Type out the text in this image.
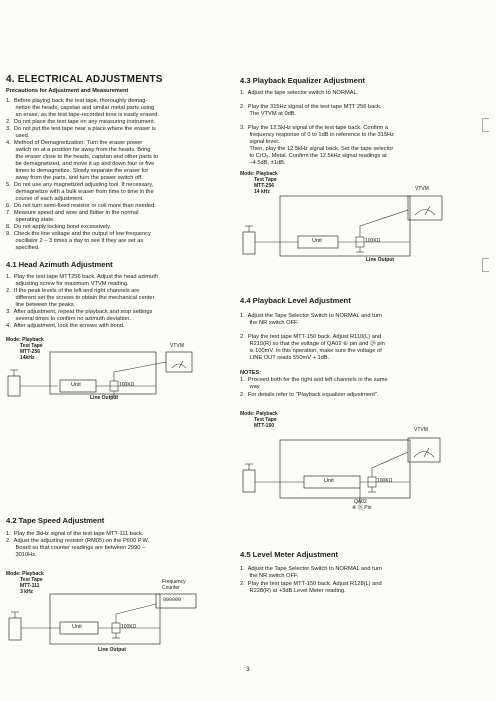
4. ELECTRICAL ADJUSTMENTS
Precautions for Adjustment and Measurement
1.  Before playing back the test tape, thoroughly demag-
netize the heads, capstan and similar metal parts using
an erase, as the test tape-recorded tone is easily erased.
2.  Do not place the test tape on any measuring instrument.
3.  Do not put the test tape near a place where the eraser is
used.
4.  Method of Demagnetization: Turn the eraser power
switch on at a position far away from the heads. Bring
the eraser close to the heads, capstan and other parts to
be demagnetized, and move it up and down four or five
times to demagnetize. Slowly separate the eraser for
away from the parts, and turn the power switch off.
5.  Do not use any magnetized adjusting tool. If necessary,
demagnetize with a bulk eraser from time to time in the
course of each adjustment.
6.  Do not turn semi-fixed resistor or coil more than needed.
7.  Measure speed and wow and flutter in the normal
operating state.
8.  Do not apply locking bond excessively.
9.  Check the line voltage and the output of low frequency
oscillator 2 – 3 times a day to see if they are set as
specified.
4.1 Head Azimuth Adjustment
1.  Play the test tape MTT256 back. Adjust the head azimuth
adjusting screw for maximum VTVM reading.
2.  If the peak levels of the left and right channels are
different set the screws to obtain the mechanical center
line between the peaks.
3.  After adjustment, repeat the playback and stop settings
several times to confirm no azimuth deviation.
4.  After adjustment, lock the screws with bond.
Mode: Playback
Test Tape
MTT-256
14kHz
Unit	100KΩ
VTVM
Line Output
4.2 Tape Speed Adjustment
1.  Play the 3kHz signal of the test tape MTT-111 back.
2.  Adjust the adjusting resistor (RM05) on the P600 P.W.
Board so that counter readings are between 2990 –
3010Hz.
Mode: Playback
Test Tape
MTT-111
3 kHz
Unit	100KΩ
Frequency
Counter
000000
Line Output
4.3 Playback Equalizer Adjustment
1.  Adjust the tape selector switch to NORMAL.
2.  Play the 315Hz signal of the test tape MTT 256 back.
The VTVM at 0dB.
3.  Play the 12.5kHz signal of the test tape back. Confirm a
frequency response of 0 to 1dB in reference to the 315Hz
signal level.
Then, play the 12.5kHz signal back. Set the tape selector
to CrO₂. Metal. Confirm the 12.5kHz signal readings at
–4.5dB, ±1dB.
Mode: Playback
Test Tape
MTT-256
14 kHz
Unit	100KΩ
VTVM
Line Output
4.4 Playback Level Adjustment
1.  Adjust the Tape Selector Switch to NORMAL and turn
the NR switch OFF.
2.  Play the test tape MTT-150 back. Adjust R110(L) and
R210(R) so that the voltage of QA02 ⑥ pin and ⑳ pin
is 100mV. In this operation, make sure the voltage of
LINE OUT reads 550mV + 1dB.
NOTES:
1.  Proceed both for the right and left channels in the same
way.
2.  For details refer to "Playback equalizer adjustment".
Mode: Palyback
Test Tape
MTT-150
Unit	100KΩ
VTVM
QA02
⑥ ⑳ Pin
4.5 Level Meter Adjustment
1.  Adjust the Tape Selector Switch to NORMAL and turn
the NR switch OFF.
2.  Play the test tape MTT-150 back. Adjust R128(L) and
R228(R) at +3dB Level Meter reading.
3
